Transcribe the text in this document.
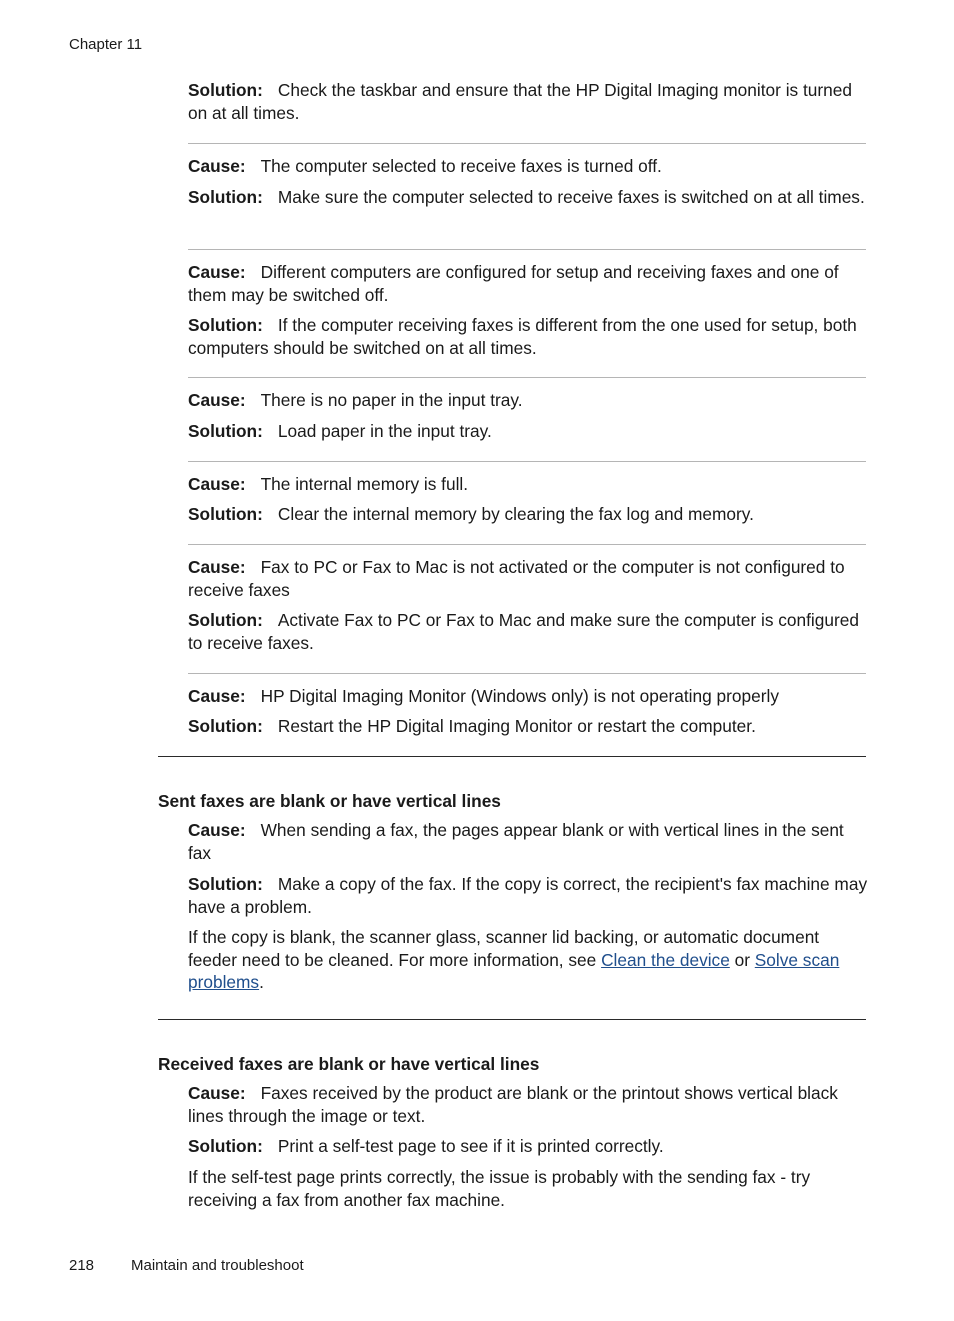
Chapter 11

Solution: Check the taskbar and ensure that the HP Digital Imaging monitor is turned on at all times.

Cause: The computer selected to receive faxes is turned off.

Solution: Make sure the computer selected to receive faxes is switched on at all times.

Cause: Different computers are configured for setup and receiving faxes and one of them may be switched off.

Solution: If the computer receiving faxes is different from the one used for setup, both computers should be switched on at all times.

Cause: There is no paper in the input tray.

Solution: Load paper in the input tray.

Cause: The internal memory is full.

Solution: Clear the internal memory by clearing the fax log and memory.

Cause: Fax to PC or Fax to Mac is not activated or the computer is not configured to receive faxes

Solution: Activate Fax to PC or Fax to Mac and make sure the computer is configured to receive faxes.

Cause: HP Digital Imaging Monitor (Windows only) is not operating properly

Solution: Restart the HP Digital Imaging Monitor or restart the computer.

Sent faxes are blank or have vertical lines

Cause: When sending a fax, the pages appear blank or with vertical lines in the sent fax

Solution: Make a copy of the fax. If the copy is correct, the recipient's fax machine may have a problem.

If the copy is blank, the scanner glass, scanner lid backing, or automatic document feeder need to be cleaned. For more information, see Clean the device or Solve scan problems.

Received faxes are blank or have vertical lines

Cause: Faxes received by the product are blank or the printout shows vertical black lines through the image or text.

Solution: Print a self-test page to see if it is printed correctly.

If the self-test page prints correctly, the issue is probably with the sending fax - try receiving a fax from another fax machine.

218 Maintain and troubleshoot
